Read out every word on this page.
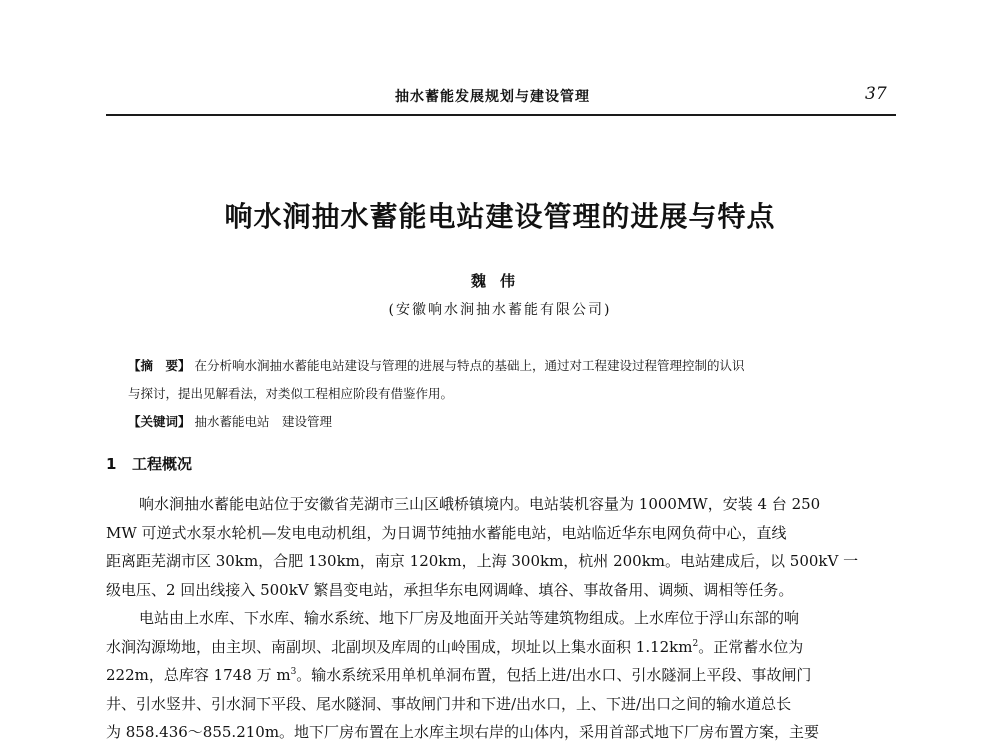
抽水蓄能发展规划与建设管理	37
响水涧抽水蓄能电站建设管理的进展与特点
魏伟
(安徽响水涧抽水蓄能有限公司)
【摘　要】 在分析响水涧抽水蓄能电站建设与管理的进展与特点的基础上，通过对工程建设过程管理控制的认识
与探讨，提出见解看法，对类似工程相应阶段有借鉴作用。
【关键词】 抽水蓄能电站　建设管理
1 工程概况
响水涧抽水蓄能电站位于安徽省芜湖市三山区峨桥镇境内。电站装机容量为 1000MW，安装 4 台 250
MW 可逆式水泵水轮机—发电电动机组，为日调节纯抽水蓄能电站，电站临近华东电网负荷中心，直线
距离距芜湖市区 30km，合肥 130km，南京 120km，上海 300km，杭州 200km。电站建成后，以 500kV 一
级电压、2 回出线接入 500kV 繁昌变电站，承担华东电网调峰、填谷、事故备用、调频、调相等任务。
电站由上水库、下水库、输水系统、地下厂房及地面开关站等建筑物组成。上水库位于浮山东部的响
水涧沟源坳地，由主坝、南副坝、北副坝及库周的山岭围成，坝址以上集水面积 $1.12km^2$。正常蓄水位为
222m，总库容 1748 万 $m^3$。输水系统采用单机单洞布置，包括上进/出水口、引水隧洞上平段、事故闸门
井、引水竖井、引水洞下平段、尾水隧洞、事故闸门井和下进/出水口，上、下进/出口之间的输水道总长
为 858.436～855.210m。地下厂房布置在上水库主坝右岸的山体内，采用首部式地下厂房布置方案，主要
